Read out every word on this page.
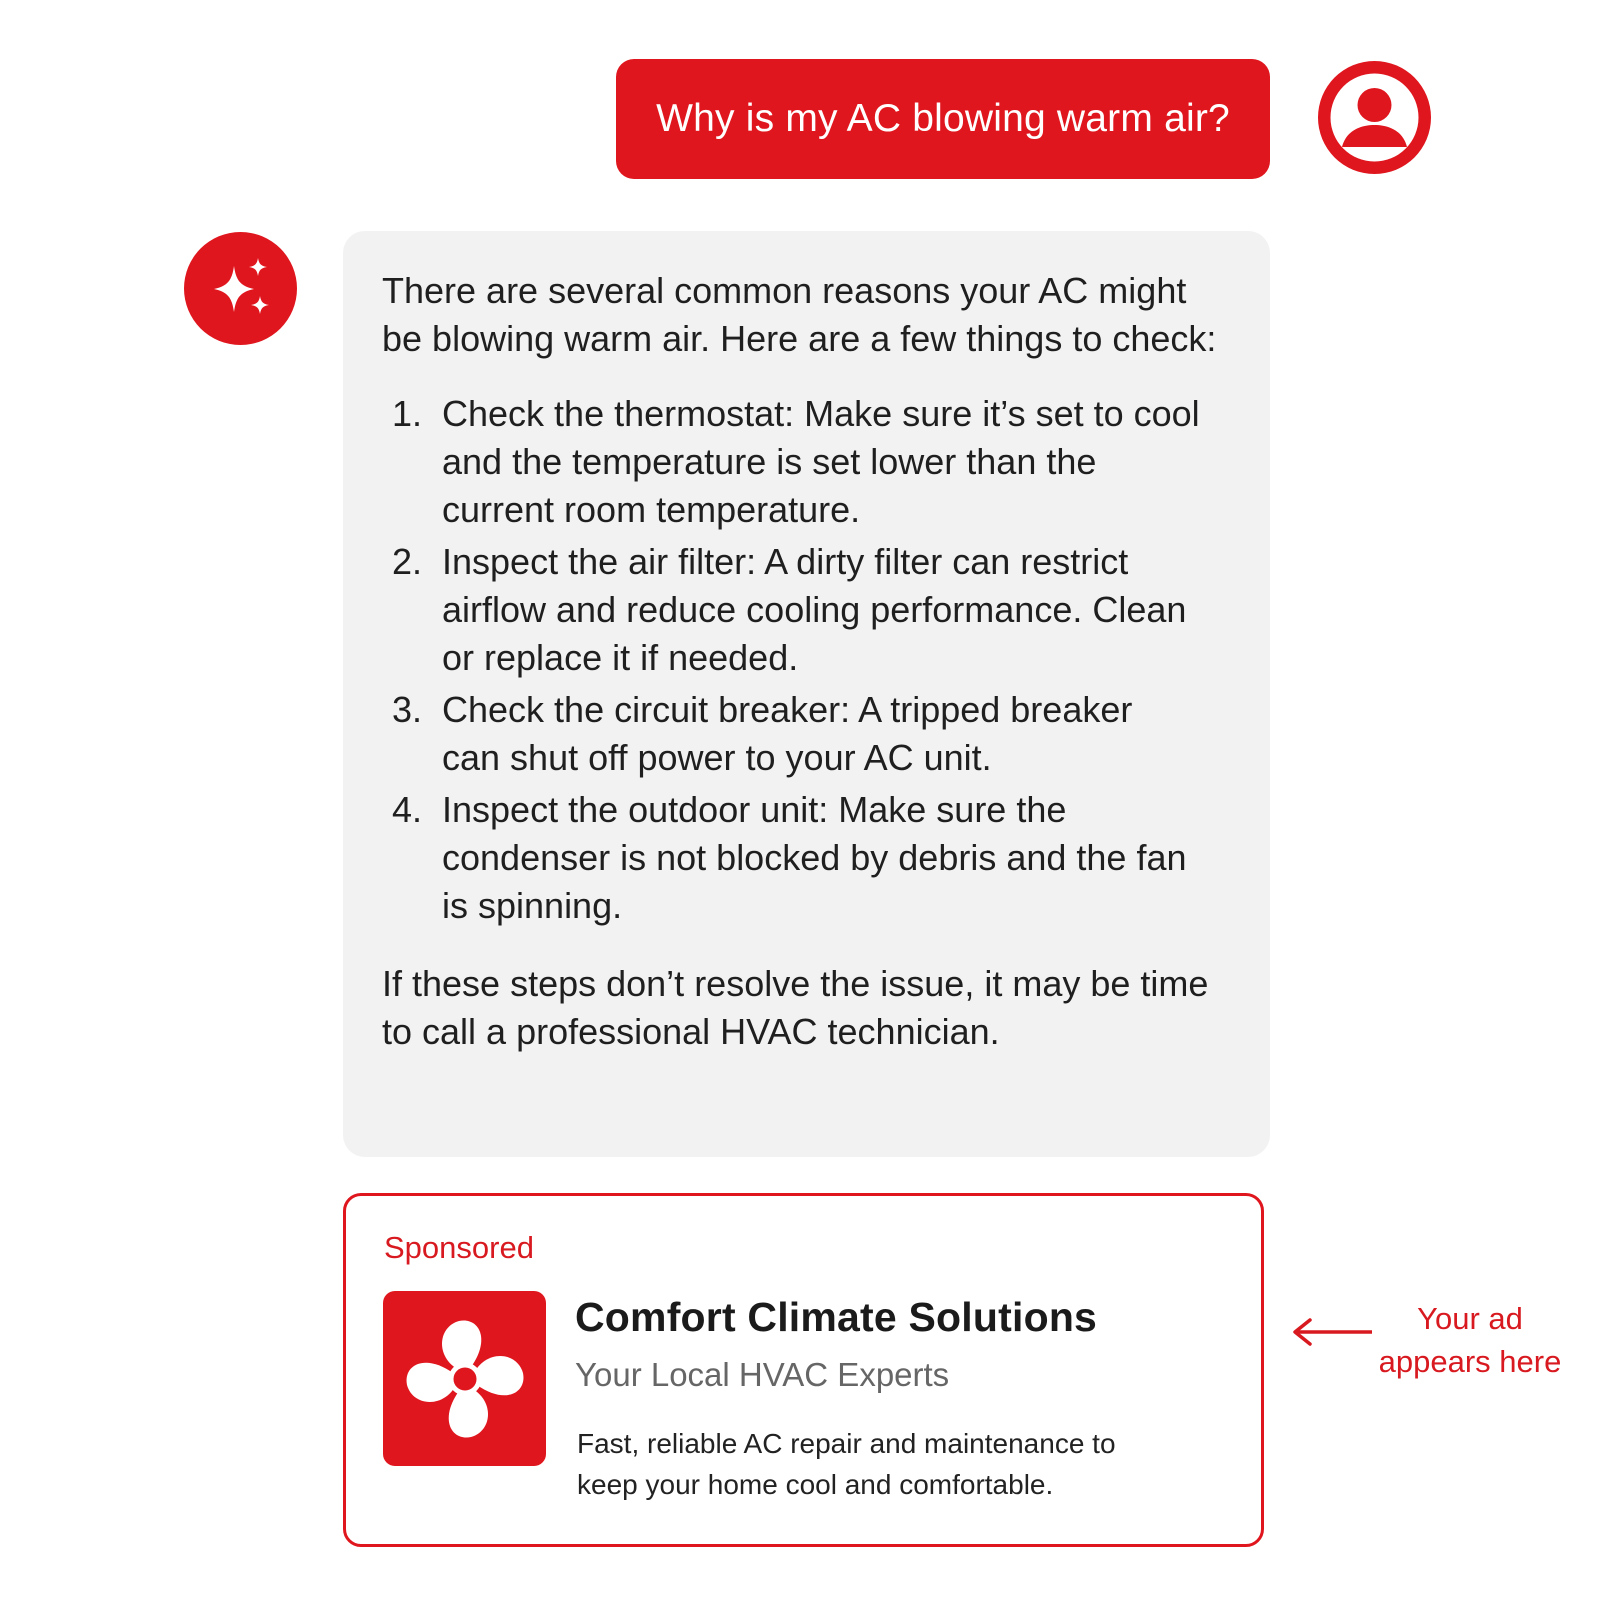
Why is my AC blowing warm air?

There are several common reasons your AC might be blowing warm air. Here are a few things to check:

1. Check the thermostat: Make sure it’s set to cool and the temperature is set lower than the current room temperature.
2. Inspect the air filter: A dirty filter can restrict airflow and reduce cooling performance. Clean or replace it if needed.
3. Check the circuit breaker: A tripped breaker can shut off power to your AC unit.
4. Inspect the outdoor unit: Make sure the condenser is not blocked by debris and the fan is spinning.

If these steps don’t resolve the issue, it may be time to call a professional HVAC technician.

Sponsored
Comfort Climate Solutions
Your Local HVAC Experts
Fast, reliable AC repair and maintenance to keep your home cool and comfortable.
Your ad
appears here
